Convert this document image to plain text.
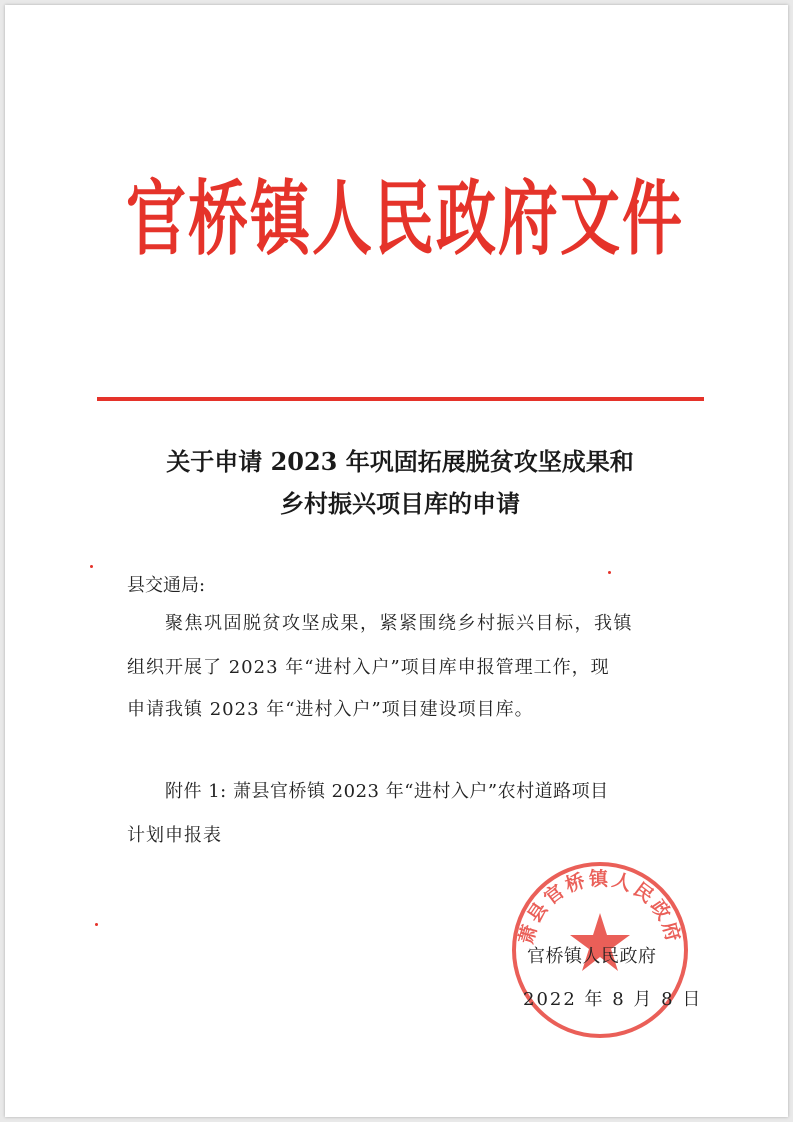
官桥镇人民政府文件
关于申请 2023 年巩固拓展脱贫攻坚成果和
乡村振兴项目库的申请
县交通局:
聚焦巩固脱贫攻坚成果，紧紧围绕乡村振兴目标，我镇
组织开展了 2023 年“进村入户”项目库申报管理工作，现
申请我镇 2023 年“进村入户”项目建设项目库。
附件 1: 萧县官桥镇 2023 年“进村入户”农村道路项目
计划申报表
萧县官桥镇人民政府
官桥镇人民政府
2022 年 8 月 8 日
